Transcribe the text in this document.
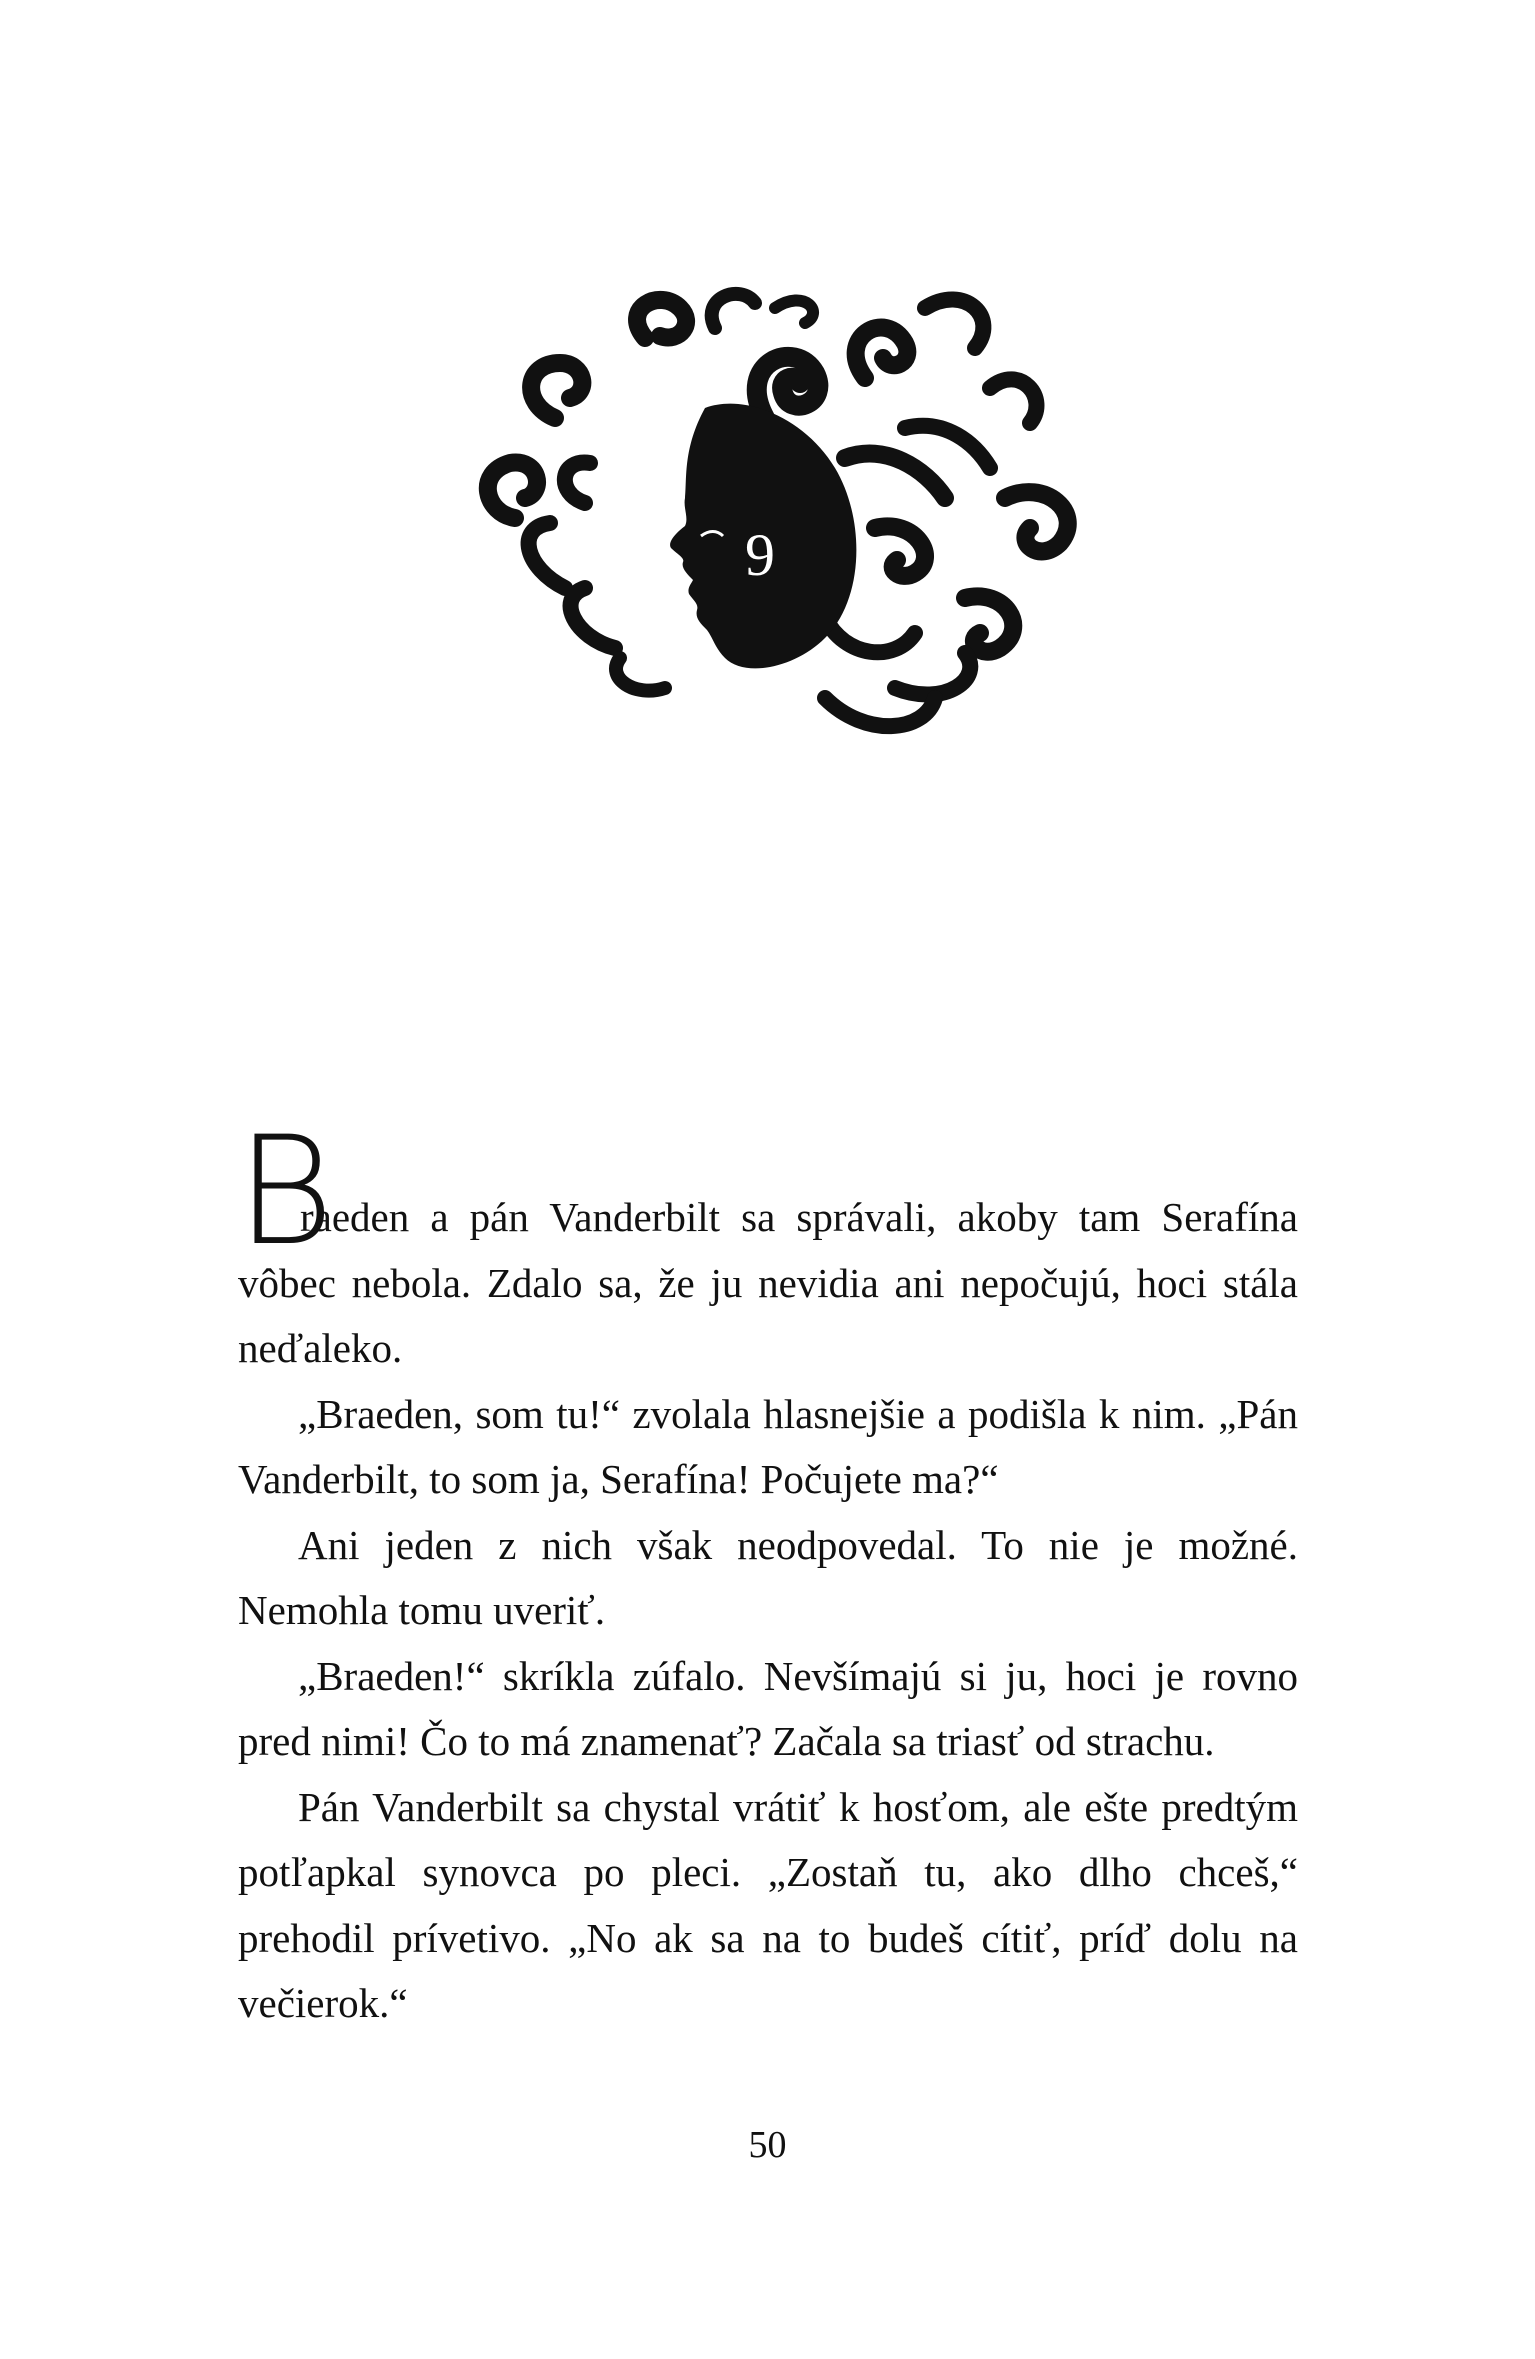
9

B
raeden a pán Vanderbilt sa správali, akoby tam Serafína vôbec nebola. Zdalo sa, že ju nevidia ani nepočujú, hoci stála neďaleko.

„Braeden, som tu!“ zvolala hlasnejšie a podišla k nim. „Pán Vanderbilt, to som ja, Serafína! Počujete ma?“

Ani jeden z nich však neodpovedal. To nie je možné. Nemohla tomu uveriť.

„Braeden!“ skríkla zúfalo. Nevšímajú si ju, hoci je rovno pred nimi! Čo to má znamenať? Začala sa triasť od strachu.

Pán Vanderbilt sa chystal vrátiť k hosťom, ale ešte predtým potľapkal synovca po pleci. „Zostaň tu, ako dlho chceš,“ prehodil prívetivo. „No ak sa na to budeš cítiť, príď dolu na večierok.“

50
